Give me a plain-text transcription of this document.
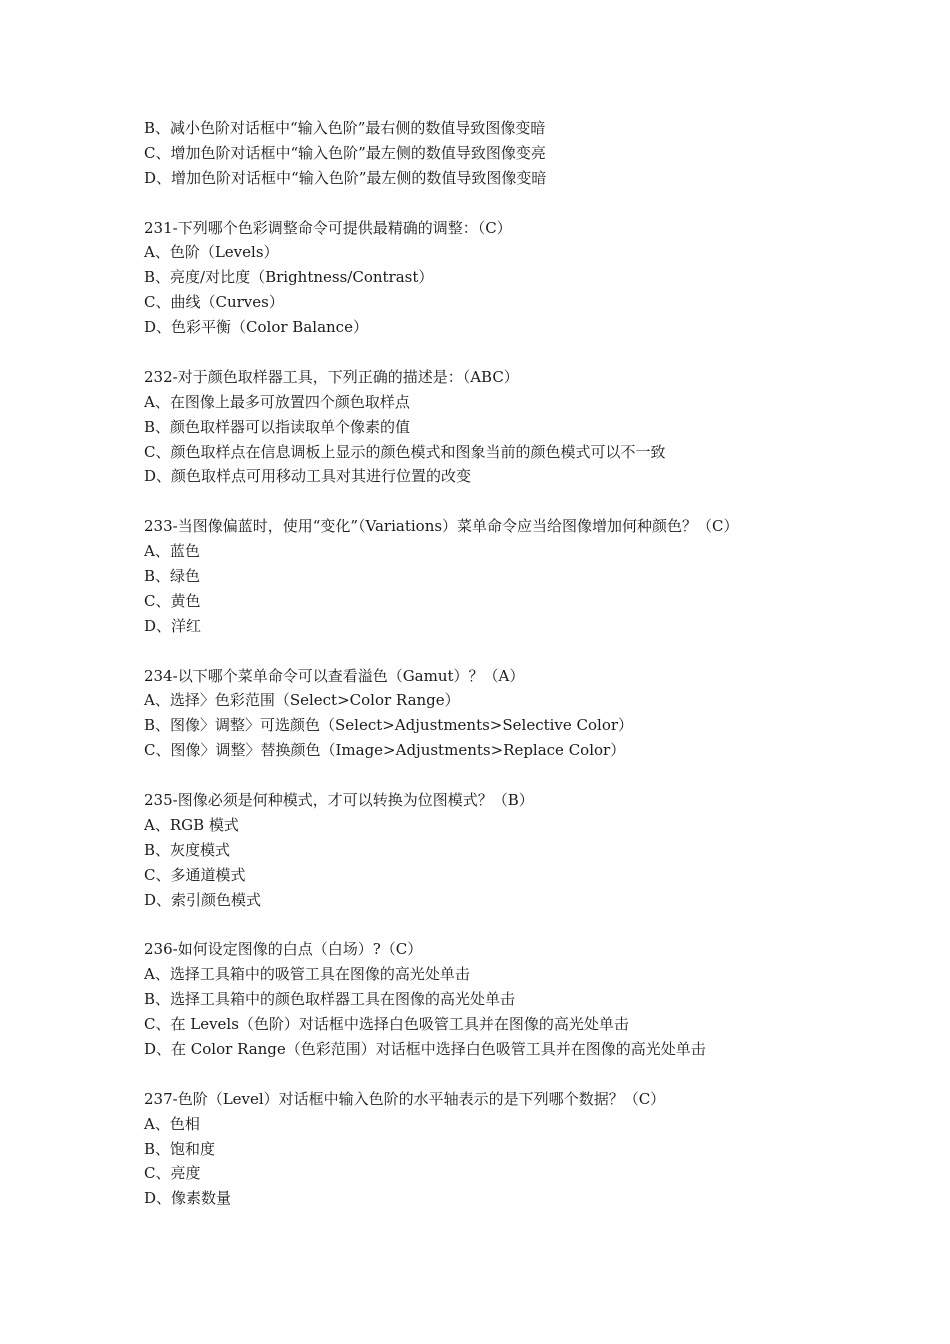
B、减小色阶对话框中“输入色阶”最右侧的数值导致图像变暗
C、增加色阶对话框中“输入色阶”最左侧的数值导致图像变亮
D、增加色阶对话框中“输入色阶”最左侧的数值导致图像变暗
231-下列哪个色彩调整命令可提供最精确的调整：（C）
A、色阶（Levels）
B、亮度/对比度（Brightness/Contrast）
C、曲线（Curves）
D、色彩平衡（Color Balance）
232-对于颜色取样器工具，下列正确的描述是：（ABC）
A、在图像上最多可放置四个颜色取样点
B、颜色取样器可以指读取单个像素的值
C、颜色取样点在信息调板上显示的颜色模式和图象当前的颜色模式可以不一致
D、颜色取样点可用移动工具对其进行位置的改变
233-当图像偏蓝时，使用“变化”（Variations）菜单命令应当给图像增加何种颜色？（C）
A、蓝色
B、绿色
C、黄色
D、洋红
234-以下哪个菜单命令可以查看溢色（Gamut）？（A）
A、选择〉色彩范围（Select>Color Range）
B、图像〉调整〉可选颜色（Select>Adjustments>Selective Color）
C、图像〉调整〉替换颜色（Image>Adjustments>Replace Color）
235-图像必须是何种模式，才可以转换为位图模式？（B）
A、RGB 模式
B、灰度模式
C、多通道模式
D、索引颜色模式
236-如何设定图像的白点（白场）?（C）
A、选择工具箱中的吸管工具在图像的高光处单击
B、选择工具箱中的颜色取样器工具在图像的高光处单击
C、在 Levels（色阶）对话框中选择白色吸管工具并在图像的高光处单击
D、在 Color Range（色彩范围）对话框中选择白色吸管工具并在图像的高光处单击
237-色阶（Level）对话框中输入色阶的水平轴表示的是下列哪个数据？（C）
A、色相
B、饱和度
C、亮度
D、像素数量
